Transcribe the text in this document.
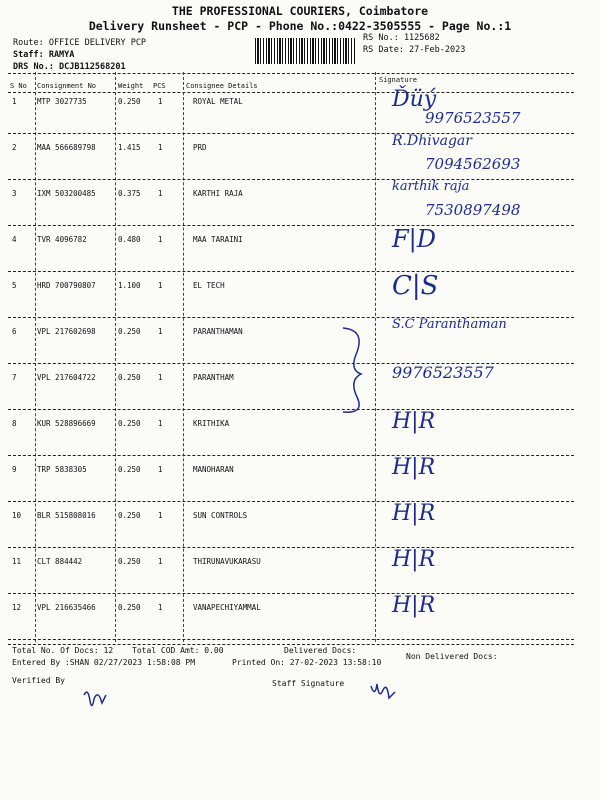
THE PROFESSIONAL COURIERS, Coimbatore
Delivery Runsheet - PCP - Phone No.:0422-3505555 - Page No.:1
Route: OFFICE DELIVERY PCP
Staff: RAMYA
DRS No.: DCJB112568201
RS No.: 1125682
RS Date: 27-Feb-2023
S No Consignment No	Weight PCS	Consignee Details
Signature
1	MTP 3027735	0.250 1	ROYAL METAL	Ďüý
9976523557
2	MAA 566689798	1.415 1	PRD	R.Dhivagar
7094562693
3	IXM 503200485	0.375 1	KARTHI RAJA	karthik raja
7530897498
4	TVR 4096782	0.480 1	MAA TARAINI	F|D
5	HRD 700790807	1.100 1	EL TECH	C|S
6	VPL 217602698	0.250 1	PARANTHAMAN	S.C Paranthaman
7	VPL 217604722	0.250 1	PARANTHAM	9976523557
8	KUR 528896669	0.250 1	KRITHIKA	H|R
9	TRP 5838305	0.250 1	MANOHARAN	H|R
10 BLR 515808016	0.250 1	SUN CONTROLS	H|R
11 CLT 884442	0.250 1	THIRUNAVUKARASU	H|R
12 VPL 216635466	0.250 1	VANAPECHIYAMMAL	H|R
Total No. Of Docs: 12 Total COD Amt: 0.00	Delivered Docs:
Non Delivered Docs:
Entered By :SHAN 02/27/2023 1:58:08 PM	Printed On: 27-02-2023 13:58:10
Verified By	Staff Signature
